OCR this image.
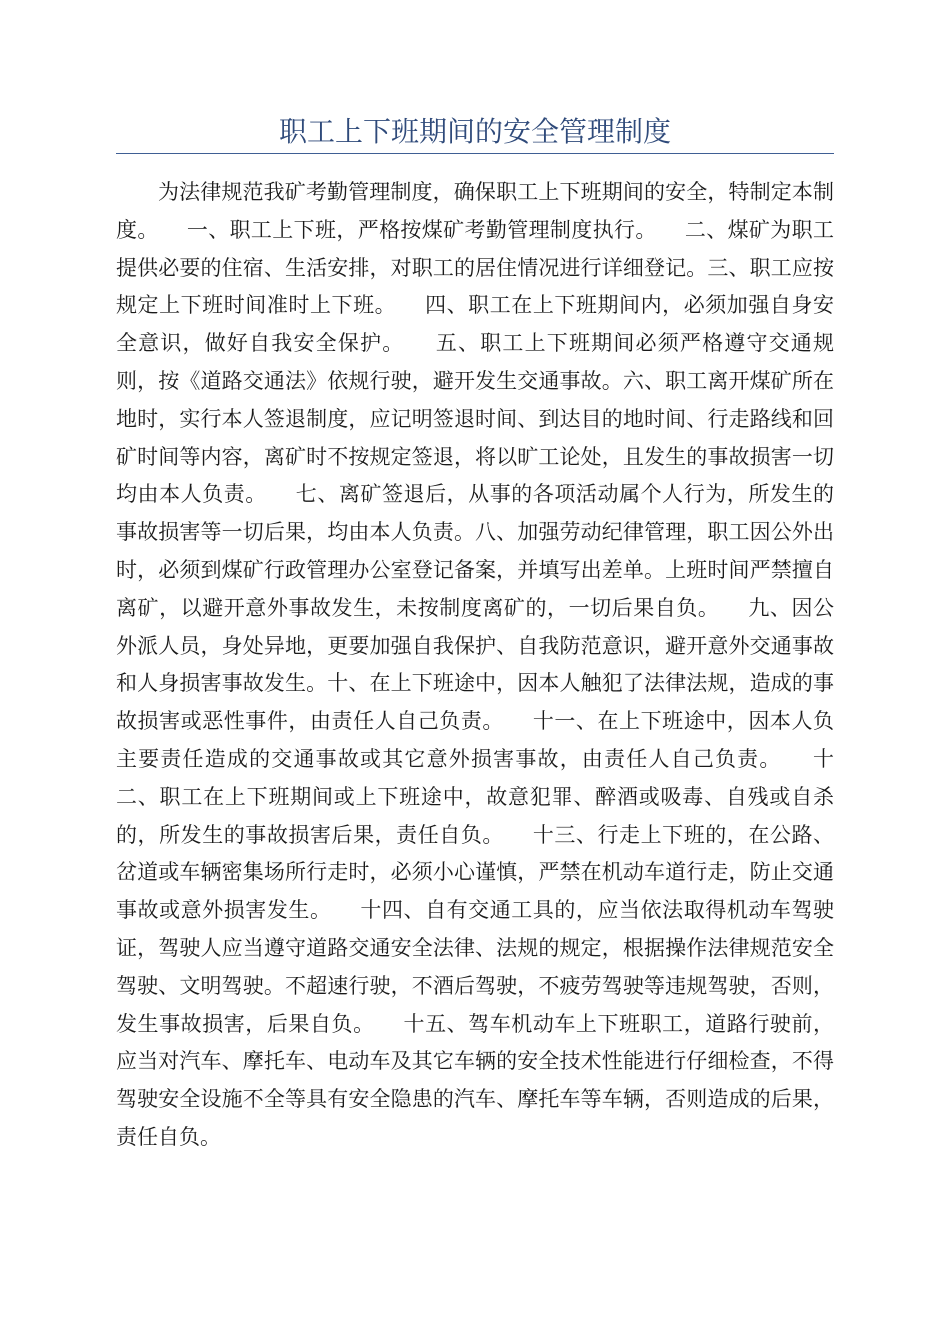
职工上下班期间的安全管理制度

为法律规范我矿考勤管理制度，确保职工上下班期间的安全，特制定本制度。    一、职工上下班，严格按煤矿考勤管理制度执行。    二、煤矿为职工提供必要的住宿、生活安排，对职工的居住情况进行详细登记。三、职工应按规定上下班时间准时上下班。    四、职工在上下班期间内，必须加强自身安全意识，做好自我安全保护。    五、职工上下班期间必须严格遵守交通规则，按《道路交通法》依规行驶，避开发生交通事故。六、职工离开煤矿所在地时，实行本人签退制度，应记明签退时间、到达目的地时间、行走路线和回矿时间等内容，离矿时不按规定签退，将以旷工论处，且发生的事故损害一切均由本人负责。    七、离矿签退后，从事的各项活动属个人行为，所发生的事故损害等一切后果，均由本人负责。八、加强劳动纪律管理，职工因公外出时，必须到煤矿行政管理办公室登记备案，并填写出差单。上班时间严禁擅自离矿，以避开意外事故发生，未按制度离矿的，一切后果自负。    九、因公外派人员，身处异地，更要加强自我保护、自我防范意识，避开意外交通事故和人身损害事故发生。十、在上下班途中，因本人触犯了法律法规，造成的事故损害或恶性事件，由责任人自己负责。    十一、在上下班途中，因本人负主要责任造成的交通事故或其它意外损害事故，由责任人自己负责。    十二、职工在上下班期间或上下班途中，故意犯罪、醉酒或吸毒、自残或自杀的，所发生的事故损害后果，责任自负。    十三、行走上下班的，在公路、岔道或车辆密集场所行走时，必须小心谨慎，严禁在机动车道行走，防止交通事故或意外损害发生。    十四、自有交通工具的，应当依法取得机动车驾驶证，驾驶人应当遵守道路交通安全法律、法规的规定，根据操作法律规范安全驾驶、文明驾驶。不超速行驶，不酒后驾驶，不疲劳驾驶等违规驾驶，否则，发生事故损害，后果自负。    十五、驾车机动车上下班职工，道路行驶前，应当对汽车、摩托车、电动车及其它车辆的安全技术性能进行仔细检查，不得驾驶安全设施不全等具有安全隐患的汽车、摩托车等车辆，否则造成的后果，责任自负。
